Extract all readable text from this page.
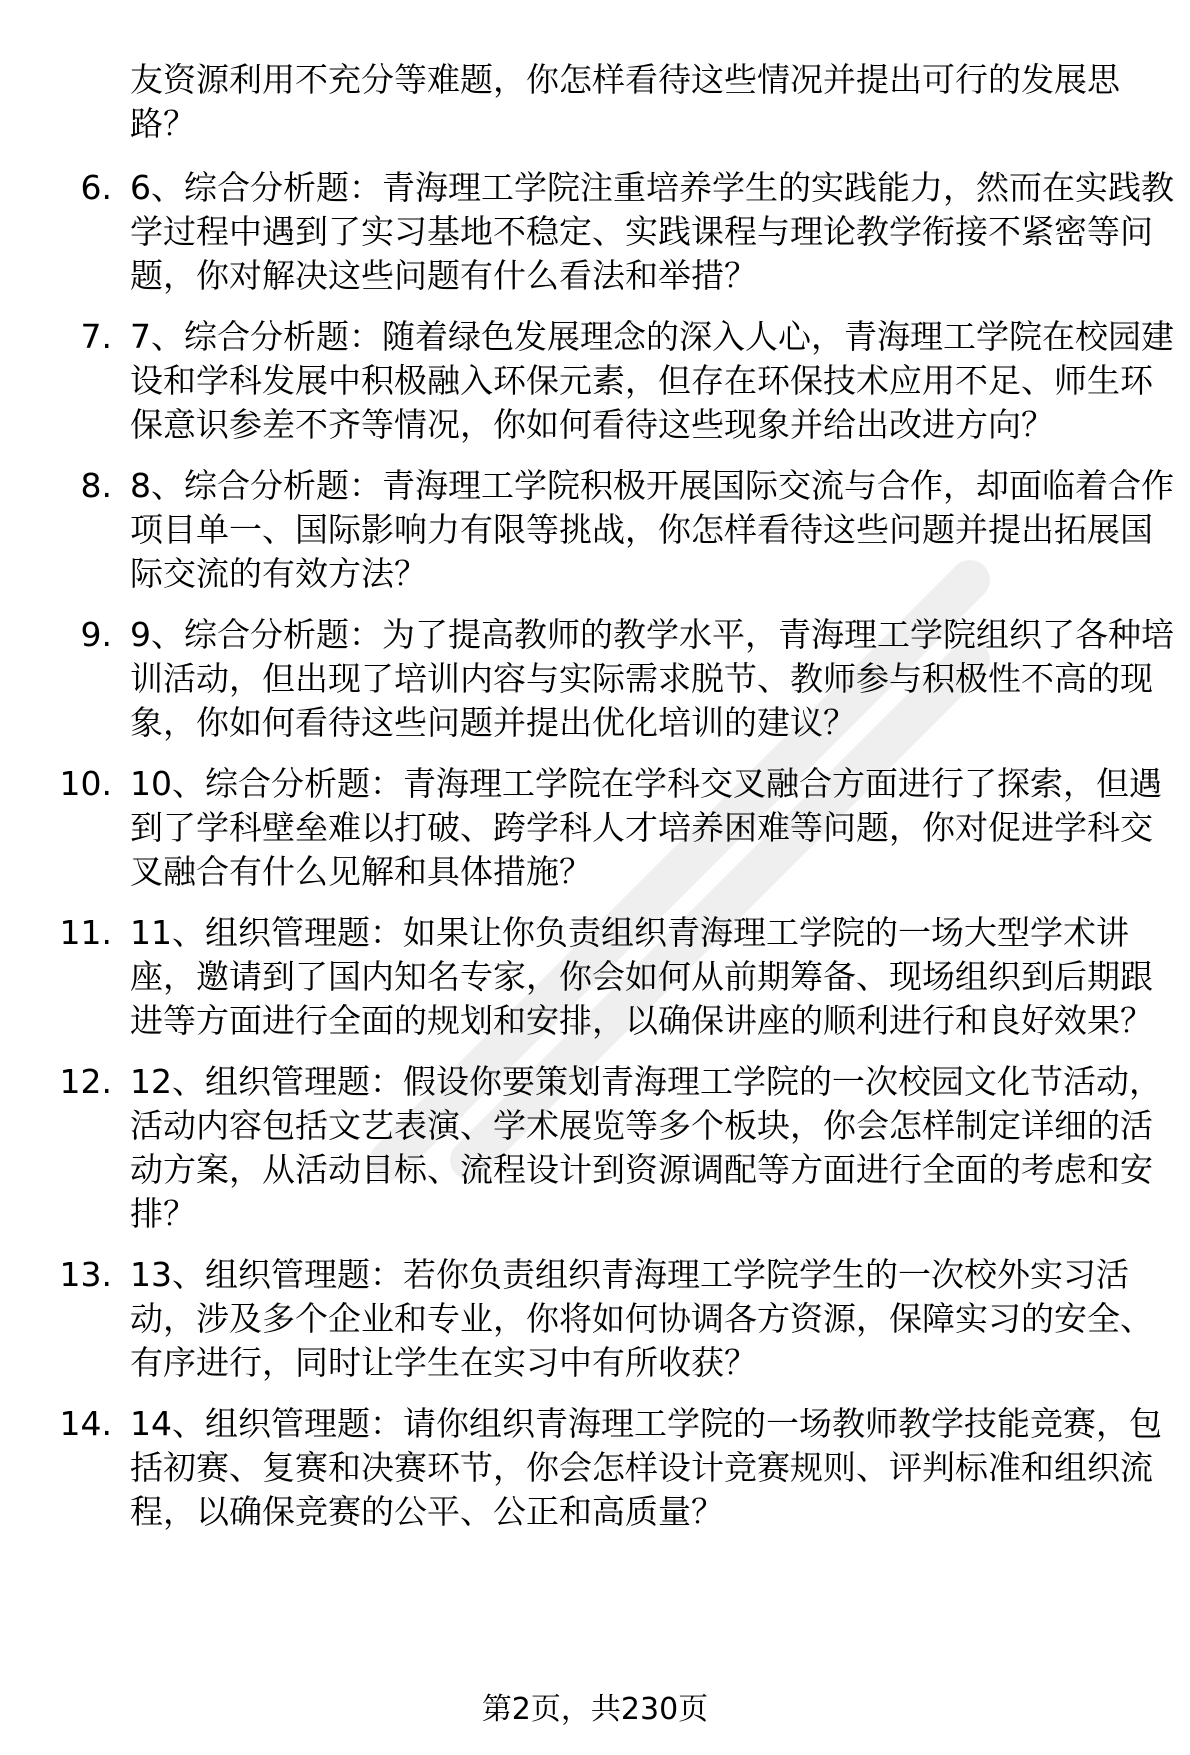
友资源利用不充分等难题，你怎样看待这些情况并提出可行的发展思路？

6. 6、综合分析题：青海理工学院注重培养学生的实践能力，然而在实践教学过程中遇到了实习基地不稳定、实践课程与理论教学衔接不紧密等问题，你对解决这些问题有什么看法和举措？
7. 7、综合分析题：随着绿色发展理念的深入人心，青海理工学院在校园建设和学科发展中积极融入环保元素，但存在环保技术应用不足、师生环保意识参差不齐等情况，你如何看待这些现象并给出改进方向？
8. 8、综合分析题：青海理工学院积极开展国际交流与合作，却面临着合作项目单一、国际影响力有限等挑战，你怎样看待这些问题并提出拓展国际交流的有效方法？
9. 9、综合分析题：为了提高教师的教学水平，青海理工学院组织了各种培训活动，但出现了培训内容与实际需求脱节、教师参与积极性不高的现象，你如何看待这些问题并提出优化培训的建议？
10. 10、综合分析题：青海理工学院在学科交叉融合方面进行了探索，但遇到了学科壁垒难以打破、跨学科人才培养困难等问题，你对促进学科交叉融合有什么见解和具体措施？
11. 11、组织管理题：如果让你负责组织青海理工学院的一场大型学术讲座，邀请到了国内知名专家，你会如何从前期筹备、现场组织到后期跟进等方面进行全面的规划和安排，以确保讲座的顺利进行和良好效果？
12. 12、组织管理题：假设你要策划青海理工学院的一次校园文化节活动，活动内容包括文艺表演、学术展览等多个板块，你会怎样制定详细的活动方案，从活动目标、流程设计到资源调配等方面进行全面的考虑和安排？
13. 13、组织管理题：若你负责组织青海理工学院学生的一次校外实习活动，涉及多个企业和专业，你将如何协调各方资源，保障实习的安全、有序进行，同时让学生在实习中有所收获？
14. 14、组织管理题：请你组织青海理工学院的一场教师教学技能竞赛，包括初赛、复赛和决赛环节，你会怎样设计竞赛规则、评判标准和组织流程，以确保竞赛的公平、公正和高质量？
第2页，共230页
